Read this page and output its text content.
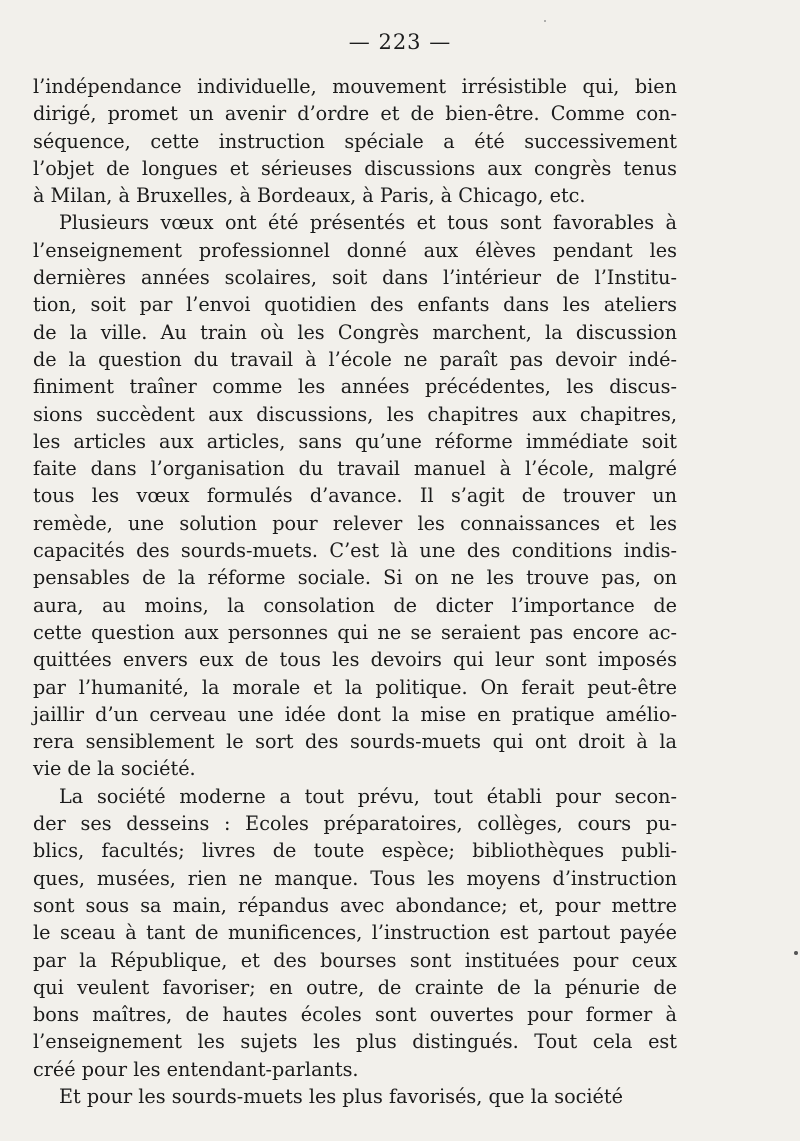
— 223 —
l’indépendance individuelle, mouvement irrésistible qui, bien
dirigé, promet un avenir d’ordre et de bien-être. Comme con-
séquence, cette instruction spéciale a été successivement
l’objet de longues et sérieuses discussions aux congrès tenus
à Milan, à Bruxelles, à Bordeaux, à Paris, à Chicago, etc.
Plusieurs vœux ont été présentés et tous sont favorables à
l’enseignement professionnel donné aux élèves pendant les
dernières années scolaires, soit dans l’intérieur de l’Institu-
tion, soit par l’envoi quotidien des enfants dans les ateliers
de la ville. Au train où les Congrès marchent, la discussion
de la question du travail à l’école ne paraît pas devoir indé-
finiment traîner comme les années précédentes, les discus-
sions succèdent aux discussions, les chapitres aux chapitres,
les articles aux articles, sans qu’une réforme immédiate soit
faite dans l’organisation du travail manuel à l’école, malgré
tous les vœux formulés d’avance. Il s’agit de trouver un
remède, une solution pour relever les connaissances et les
capacités des sourds-muets. C’est là une des conditions indis-
pensables de la réforme sociale. Si on ne les trouve pas, on
aura, au moins, la consolation de dicter l’importance de
cette question aux personnes qui ne se seraient pas encore ac-
quittées envers eux de tous les devoirs qui leur sont imposés
par l’humanité, la morale et la politique. On ferait peut-être
jaillir d’un cerveau une idée dont la mise en pratique amélio-
rera sensiblement le sort des sourds-muets qui ont droit à la
vie de la société.
La société moderne a tout prévu, tout établi pour secon-
der ses desseins : Ecoles préparatoires, collèges, cours pu-
blics, facultés; livres de toute espèce; bibliothèques publi-
ques, musées, rien ne manque. Tous les moyens d’instruction
sont sous sa main, répandus avec abondance; et, pour mettre
le sceau à tant de munificences, l’instruction est partout payée
par la République, et des bourses sont instituées pour ceux
qui veulent favoriser; en outre, de crainte de la pénurie de
bons maîtres, de hautes écoles sont ouvertes pour former à
l’enseignement les sujets les plus distingués. Tout cela est
créé pour les entendant-parlants.
Et pour les sourds-muets les plus favorisés, que la société
